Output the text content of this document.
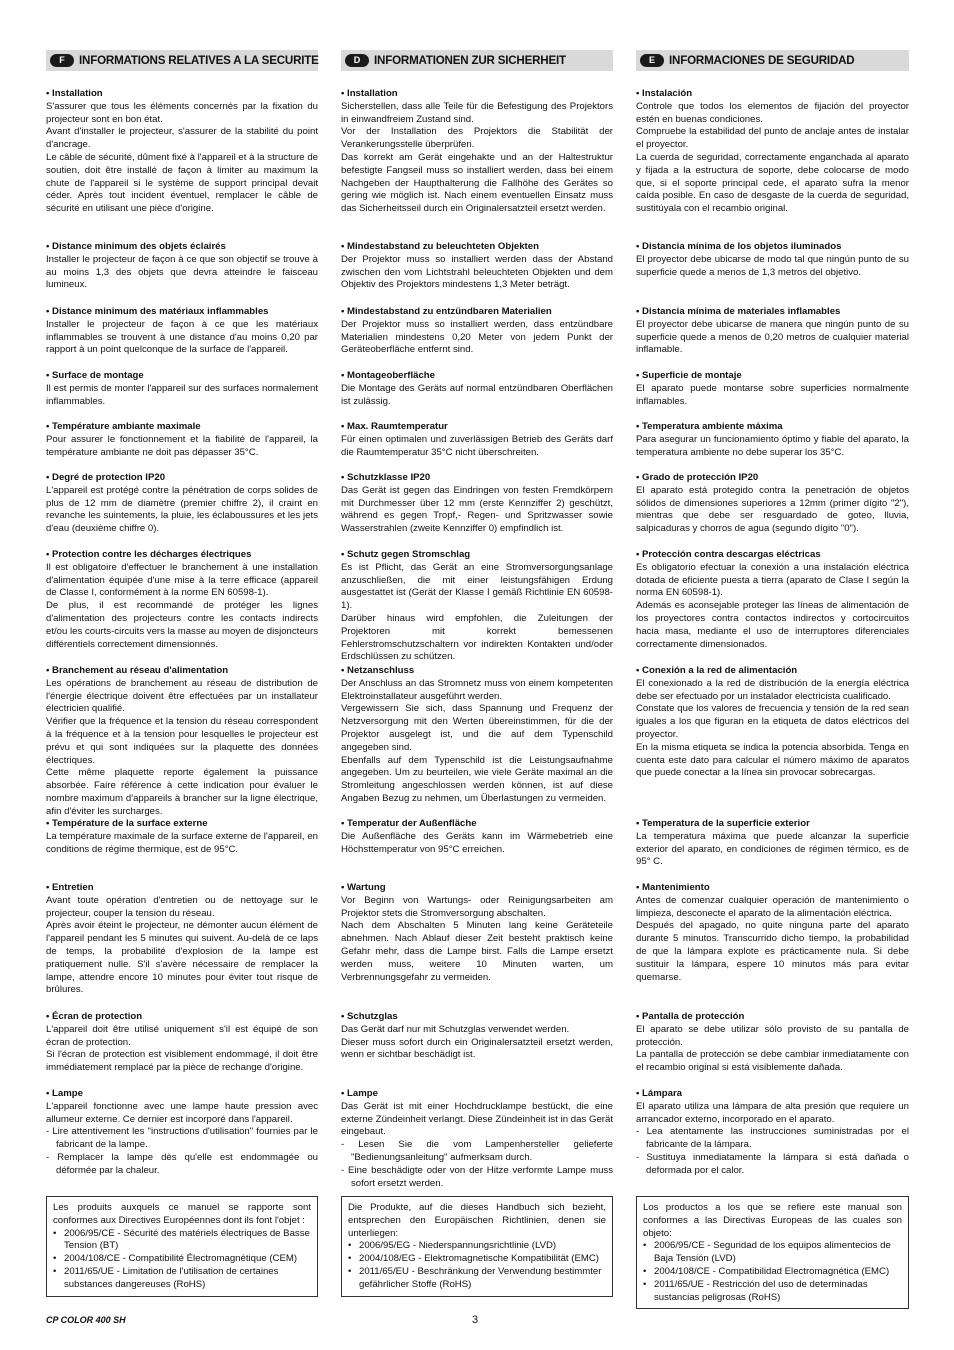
F	INFORMATIONS RELATIVES A LA SECURITE
• Installation

S'assurer que tous les éléments concernés par la fixation du projecteur sont en bon état.

Avant d'installer le projecteur, s'assurer de la stabilité du point d'ancrage.

Le câble de sécurité, dûment fixé à l'appareil et à la structure de soutien, doit être installé de façon à limiter au maximum la chute de l'appareil si le système de support principal devait céder. Après tout incident éventuel, remplacer le câble de sécurité en utilisant une pièce d'origine.

• Distance minimum des objets éclairés

Installer le projecteur de façon à ce que son objectif se trouve à au moins 1,3 des objets que devra atteindre le faisceau lumineux.

• Distance minimum des matériaux inflammables

Installer le projecteur de façon à ce que les matériaux inflammables se trouvent à une distance d'au moins 0,20 par rapport à un point quelconque de la surface de l'appareil.

• Surface de montage

Il est permis de monter l'appareil sur des surfaces normalement inflammables.

• Température ambiante maximale

Pour assurer le fonctionnement et la fiabilité de l'appareil, la température ambiante ne doit pas dépasser 35°C.

• Degré de protection IP20

L'appareil est protégé contre la pénétration de corps solides de plus de 12 mm de diamètre (premier chiffre 2), il craint en revanche les suintements, la pluie, les éclaboussures et les jets d'eau (deuxième chiffre 0).

• Protection contre les décharges électriques

Il est obligatoire d'effectuer le branchement à une installation d'alimentation équipée d'une mise à la terre efficace (appareil de Classe I, conformément à la norme EN 60598-1).

De plus, il est recommandé de protéger les lignes d'alimentation des projecteurs contre les contacts indirects et/ou les courts-circuits vers la masse au moyen de disjoncteurs différentiels correctement dimensionnés.

• Branchement au réseau d'alimentation

Les opérations de branchement au réseau de distribution de l'énergie électrique doivent être effectuées par un installateur électricien qualifié.

Vérifier que la fréquence et la tension du réseau correspondent à la fréquence et à la tension pour lesquelles le projecteur est prévu et qui sont indiquées sur la plaquette des données électriques.

Cette même plaquette reporte également la puissance absorbée. Faire référence à cette indication pour évaluer le nombre maximum d'appareils à brancher sur la ligne électrique, afin d'éviter les surcharges.

• Température de la surface externe

La température maximale de la surface externe de l'appareil, en conditions de régime thermique, est de 95°C.

• Entretien

Avant toute opération d'entretien ou de nettoyage sur le projecteur, couper la tension du réseau.

Après avoir éteint le projecteur, ne démonter aucun élément de l'appareil pendant les 5 minutes qui suivent. Au-delà de ce laps de temps, la probabilité d'explosion de la lampe est pratiquement nulle. S'il s'avère nécessaire de remplacer la lampe, attendre encore 10 minutes pour éviter tout risque de brûlures.

• Écran de protection

L'appareil doit être utilisé uniquement s'il est équipé de son écran de protection.

Si l'écran de protection est visiblement endommagé, il doit être immédiatement remplacé par la pièce de rechange d'origine.

• Lampe

L'appareil fonctionne avec une lampe haute pression avec allumeur externe. Ce dernier est incorporé dans l'appareil.

- Lire attentivement les "instructions d'utilisation" fournies par le fabricant de la lampe.

- Remplacer la lampe dès qu'elle est endommagée ou déformée par la chaleur.

Les produits auxquels ce manuel se rapporte sont conformes aux Directives Européennes dont ils font l'objet :
• 2006/95/CE - Sécurité des matériels électriques de Basse Tension (BT)
• 2004/108/CE - Compatibilité Électromagnétique (CEM)
• 2011/65/UE - Limitation de l'utilisation de certaines substances dangereuses (RoHS)
D	INFORMATIONEN ZUR SICHERHEIT
• Installation

Sicherstellen, dass alle Teile für die Befestigung des Projektors in einwandfreiem Zustand sind.

Vor der Installation des Projektors die Stabilität der Verankerungsstelle überprüfen.

Das korrekt am Gerät eingehakte und an der Haltestruktur befestigte Fangseil muss so installiert werden, dass bei einem Nachgeben der Haupthalterung die Fallhöhe des Gerätes so gering wie möglich ist. Nach einem eventuellen Einsatz muss das Sicherheitsseil durch ein Originalersatzteil ersetzt werden.

• Mindestabstand zu beleuchteten Objekten

Der Projektor muss so installiert werden dass der Abstand zwischen den vom Lichtstrahl beleuchteten Objekten und dem Objektiv des Projektors mindestens 1,3 Meter beträgt.

• Mindestabstand zu entzündbaren Materialien

Der Projektor muss so installiert werden, dass entzündbare Materialien mindestens 0,20 Meter von jedem Punkt der Geräteoberfläche entfernt sind.

• Montageoberfläche

Die Montage des Geräts auf normal entzündbaren Oberflächen ist zulässig.

• Max. Raumtemperatur

Für einen optimalen und zuverlässigen Betrieb des Geräts darf die Raumtemperatur 35°C nicht überschreiten.

• Schutzklasse IP20

Das Gerät ist gegen das Eindringen von festen Fremdkörpern mit Durchmesser über 12 mm (erste Kennziffer 2) geschützt, während es gegen Tropf,- Regen- und Spritzwasser sowie Wasserstrahlen (zweite Kennziffer 0) empfindlich ist.

• Schutz gegen Stromschlag

Es ist Pflicht, das Gerät an eine Stromversorgungsanlage anzuschließen, die mit einer leistungsfähigen Erdung ausgestattet ist (Gerät der Klasse I gemäß Richtlinie EN 60598-1).

Darüber hinaus wird empfohlen, die Zuleitungen der Projektoren mit korrekt bemessenen Fehlerstromschutzschaltern vor indirekten Kontakten und/oder Erdschlüssen zu schützen.

• Netzanschluss

Der Anschluss an das Stromnetz muss von einem kompetenten Elektroinstallateur ausgeführt werden.

Vergewissern Sie sich, dass Spannung und Frequenz der Netzversorgung mit den Werten übereinstimmen, für die der Projektor ausgelegt ist, und die auf dem Typenschild angegeben sind.

Ebenfalls auf dem Typenschild ist die Leistungsaufnahme angegeben. Um zu beurteilen, wie viele Geräte maximal an die Stromleitung angeschlossen werden können, ist auf diese Angaben Bezug zu nehmen, um Überlastungen zu vermeiden.

• Temperatur der Außenfläche

Die Außenfläche des Geräts kann im Wärmebetrieb eine Höchsttemperatur von 95°C erreichen.

• Wartung

Vor Beginn von Wartungs- oder Reinigungsarbeiten am Projektor stets die Stromversorgung abschalten.

Nach dem Abschalten 5 Minuten lang keine Geräteteile abnehmen. Nach Ablauf dieser Zeit besteht praktisch keine Gefahr mehr, dass die Lampe birst. Falls die Lampe ersetzt werden muss, weitere 10 Minuten warten, um Verbrennungsgefahr zu vermeiden.

• Schutzglas

Das Gerät darf nur mit Schutzglas verwendet werden.

Dieser muss sofort durch ein Originalersatzteil ersetzt werden, wenn er sichtbar beschädigt ist.

• Lampe

Das Gerät ist mit einer Hochdrucklampe bestückt, die eine externe Zündeinheit verlangt. Diese Zündeinheit ist in das Gerät eingebaut.

- Lesen Sie die vom Lampenhersteller gelieferte "Bedienungsanleitung" aufmerksam durch.

- Eine beschädigte oder von der Hitze verformte Lampe muss sofort ersetzt werden.

Die Produkte, auf die dieses Handbuch sich bezieht, entsprechen den Europäischen Richtlinien, denen sie unterliegen:
• 2006/95/EG - Niederspannungsrichtlinie (LVD)
• 2004/108/EG - Elektromagnetische Kompatibilität (EMC)
• 2011/65/EU - Beschränkung der Verwendung bestimmter gefährlicher Stoffe (RoHS)
E	INFORMACIONES DE SEGURIDAD
• Instalación

Controle que todos los elementos de fijación del proyector estén en buenas condiciones.

Compruebe la estabilidad del punto de anclaje antes de instalar el proyector.

La cuerda de seguridad, correctamente enganchada al aparato y fijada a la estructura de soporte, debe colocarse de modo que, si el soporte principal cede, el aparato sufra la menor caída posible. En caso de desgaste de la cuerda de seguridad, sustitúyala con el recambio original.

• Distancia mínima de los objetos iluminados

El proyector debe ubicarse de modo tal que ningún punto de su superficie quede a menos de 1,3 metros del objetivo.

• Distancia mínima de materiales inflamables

El proyector debe ubicarse de manera que ningún punto de su superficie quede a menos de 0,20 metros de cualquier material inflamable.

• Superficie de montaje

El aparato puede montarse sobre superficies normalmente inflamables.

• Temperatura ambiente máxima

Para asegurar un funcionamiento óptimo y fiable del aparato, la temperatura ambiente no debe superar los 35°C.

• Grado de protección IP20

El aparato está protegido contra la penetración de objetos sólidos de dimensiones superiores a 12mm (primer dígito "2"), mientras que debe ser resguardado de goteo, lluvia, salpicaduras y chorros de agua (segundo dígito "0").

• Protección contra descargas eléctricas

Es obligatorio efectuar la conexión a una instalación eléctrica dotada de eficiente puesta a tierra (aparato de Clase I según la norma EN 60598-1).

Además es aconsejable proteger las líneas de alimentación de los proyectores contra contactos indirectos y cortocircuitos hacia masa, mediante el uso de interruptores diferenciales correctamente dimensionados.

• Conexión a la red de alimentación

El conexionado a la red de distribución de la energía eléctrica debe ser efectuado por un instalador electricista cualificado.

Constate que los valores de frecuencia y tensión de la red sean iguales a los que figuran en la etiqueta de datos eléctricos del proyector.

En la misma etiqueta se indica la potencia absorbida. Tenga en cuenta este dato para calcular el número máximo de aparatos que puede conectar a la línea sin provocar sobrecargas.

• Temperatura de la superficie exterior

La temperatura máxima que puede alcanzar la superficie exterior del aparato, en condiciones de régimen térmico, es de 95° C.

• Mantenimiento

Antes de comenzar cualquier operación de mantenimiento o limpieza, desconecte el aparato de la alimentación eléctrica.

Después del apagado, no quite ninguna parte del aparato durante 5 minutos. Transcurrido dicho tiempo, la probabilidad de que la lámpara explote es prácticamente nula. Si debe sustituir la lámpara, espere 10 minutos más para evitar quemarse.

• Pantalla de protección

El aparato se debe utilizar sólo provisto de su pantalla de protección.

La pantalla de protección se debe cambiar inmediatamente con el recambio original si está visiblemente dañada.

• Lámpara

El aparato utiliza una lámpara de alta presión que requiere un arrancador externo, incorporado en el aparato.

- Lea atentamente las instrucciones suministradas por el fabricante de la lámpara.

- Sustituya inmediatamente la lámpara si está dañada o deformada por el calor.

Los productos a los que se refiere este manual son conformes a las Directivas Europeas de las cuales son objeto:
• 2006/95/CE - Seguridad de los equipos alimentecios de Baja Tensión (LVD)
• 2004/108/CE - Compatibilidad Electromagnética (EMC)
• 2011/65/UE - Restricción del uso de determinadas sustancias peligrosas (RoHS)
CP COLOR 400 SH	3
